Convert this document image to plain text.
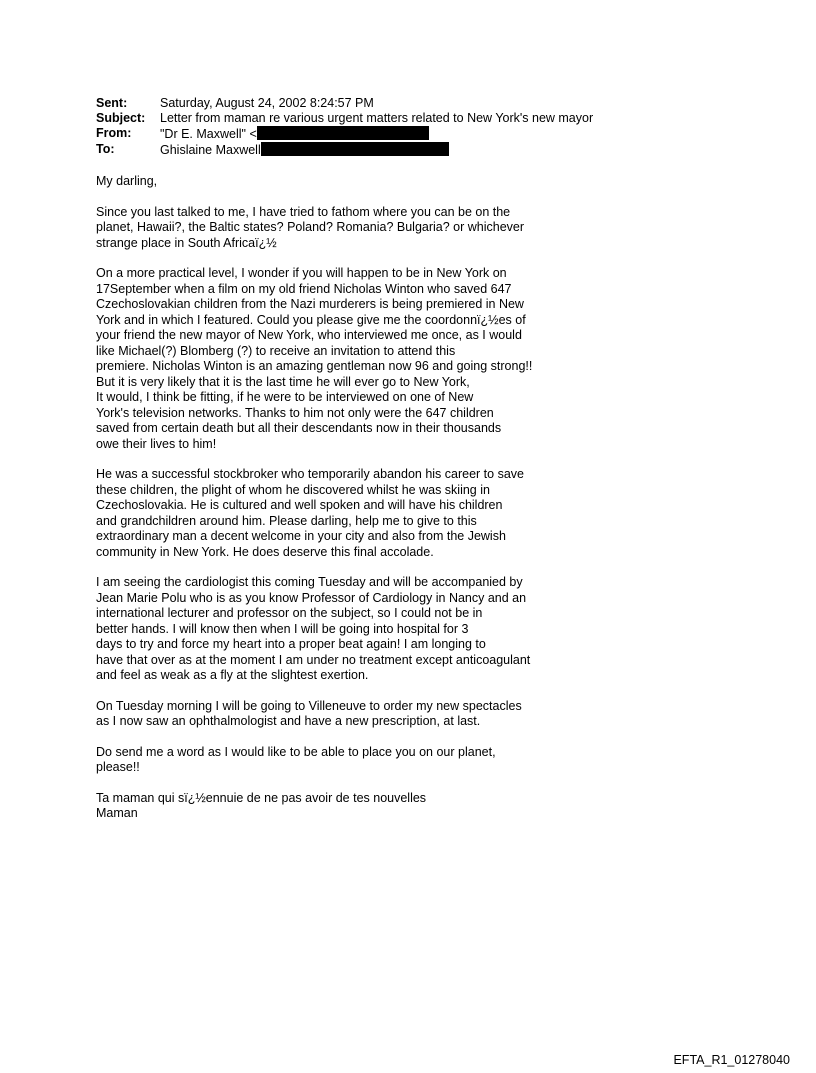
Sent:	Saturday, August 24, 2002 8:24:57 PM
Subject:	Letter from maman re various urgent matters related to New York's new mayor
From:	"Dr E. Maxwell" <
To:	Ghislaine Maxwell
My darling,
Since you last talked to me, I have tried to fathom where you can be on the
planet, Hawaii?, the Baltic states? Poland? Romania? Bulgaria? or whichever
strange place in South Africaï¿½
On a more practical level, I wonder if you will happen to be in New York on
17September when a film on my old friend Nicholas Winton who saved 647
Czechoslovakian children from the Nazi murderers is being premiered in New
York and in which I featured. Could you please give me the coordonnï¿½es of
your friend the new mayor of New York, who interviewed me once, as I would
like Michael(?) Blomberg (?) to receive an invitation to attend this
premiere. Nicholas Winton is an amazing gentleman now 96 and going strong!!
But it is very likely that it is the last time he will ever go to New York,
It would, I think be fitting, if he were to be interviewed on one of New
York's television networks. Thanks to him not only were the 647 children
saved from certain death but all their descendants now in their thousands
owe their lives to him!
He was a successful stockbroker who temporarily abandon his career to save
these children, the plight of whom he discovered whilst he was skiing in
Czechoslovakia. He is cultured and well spoken and will have his children
and grandchildren around him. Please darling, help me to give to this
extraordinary man a decent welcome in your city and also from the Jewish
community in New York. He does deserve this final accolade.
I am seeing the cardiologist this coming Tuesday and will be accompanied by
Jean Marie Polu who is as you know Professor of Cardiology in Nancy and an
international lecturer and professor on the subject, so I could not be in
better hands. I will know then when I will be going into hospital for 3
days to try and force my heart into a proper beat again! I am longing to
have that over as at the moment I am under no treatment except anticoagulant
and feel as weak as a fly at the slightest exertion.
On Tuesday morning I will be going to Villeneuve to order my new spectacles
as I now saw an ophthalmologist and have a new prescription, at last.
Do send me a word as I would like to be able to place you on our planet,
please!!
Ta maman qui sï¿½ennuie de ne pas avoir de tes nouvelles
Maman
EFTA_R1_01278040
